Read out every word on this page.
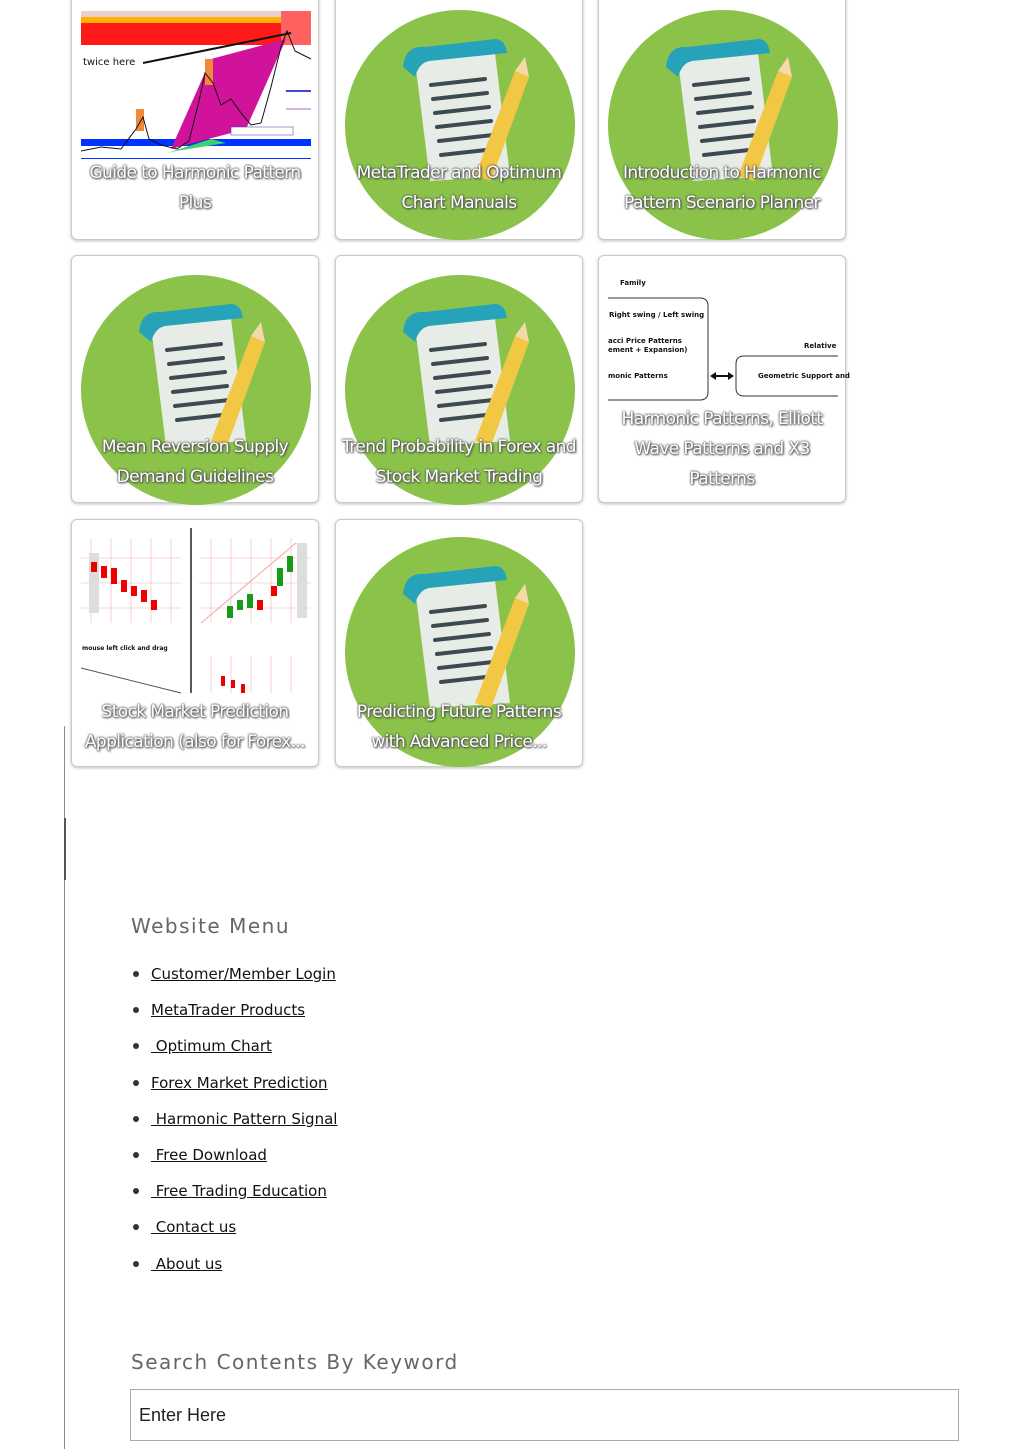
twice here
Guide to Harmonic Pattern Plus
MetaTrader and Optimum Chart Manuals
Introduction to Harmonic Pattern Scenario Planner
Mean Reversion Supply Demand Guidelines
Trend Probability in Forex and Stock Market Trading
Family
Right swing / Left swing
acci Price Patterns
ement + Expansion)
monic Patterns
Relative
Geometric Support and
Harmonic Patterns, Elliott Wave Patterns and X3 Patterns
mouse left click and drag
Stock Market Prediction Application (also for Forex...
Predicting Future Patterns with Advanced Price...
Website Menu
Customer/Member Login
MetaTrader Products
Optimum Chart
Forex Market Prediction
Harmonic Pattern Signal
Free Download
Free Trading Education
Contact us
About us
Search Contents By Keyword
Enter Here
